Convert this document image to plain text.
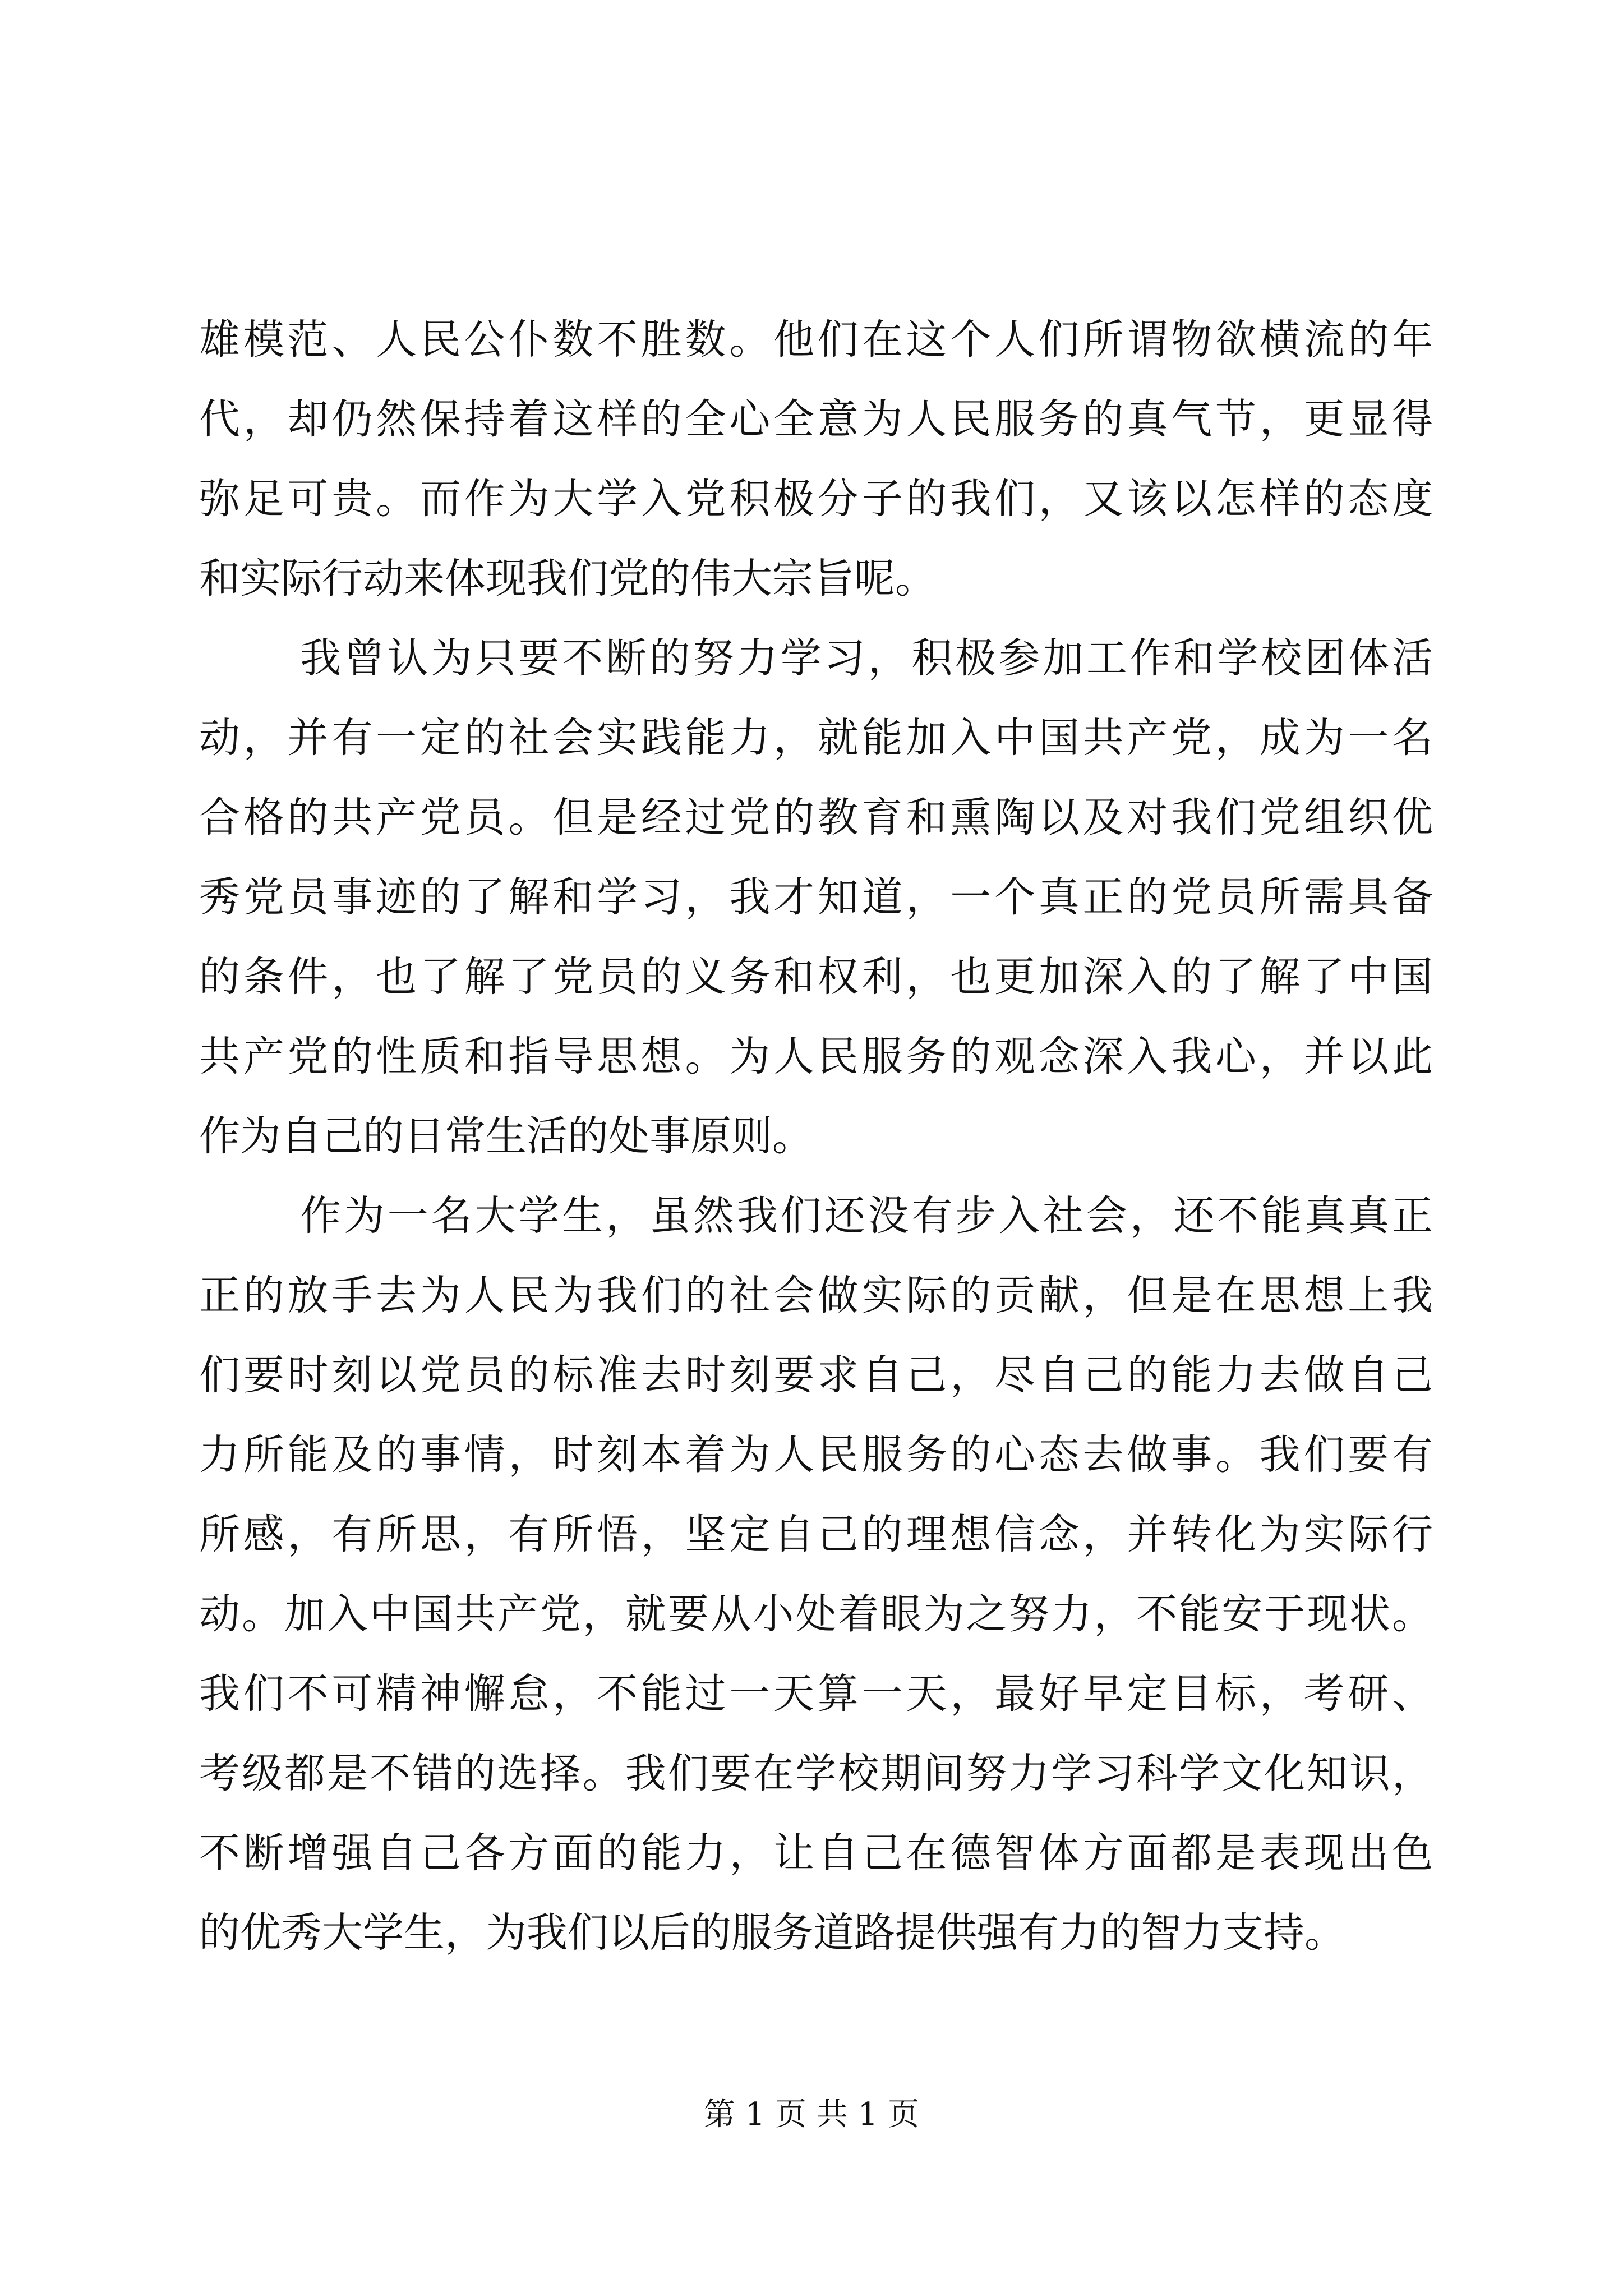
雄模范、人民公仆数不胜数。他们在这个人们所谓物欲横流的年
代，却仍然保持着这样的全心全意为人民服务的真气节，更显得
弥足可贵。而作为大学入党积极分子的我们，又该以怎样的态度
和实际行动来体现我们党的伟大宗旨呢。
我曾认为只要不断的努力学习，积极参加工作和学校团体活
动，并有一定的社会实践能力，就能加入中国共产党，成为一名
合格的共产党员。但是经过党的教育和熏陶以及对我们党组织优
秀党员事迹的了解和学习，我才知道，一个真正的党员所需具备
的条件，也了解了党员的义务和权利，也更加深入的了解了中国
共产党的性质和指导思想。为人民服务的观念深入我心，并以此
作为自己的日常生活的处事原则。
作为一名大学生，虽然我们还没有步入社会，还不能真真正
正的放手去为人民为我们的社会做实际的贡献，但是在思想上我
们要时刻以党员的标准去时刻要求自己，尽自己的能力去做自己
力所能及的事情，时刻本着为人民服务的心态去做事。我们要有
所感，有所思，有所悟，坚定自己的理想信念，并转化为实际行
动。加入中国共产党，就要从小处着眼为之努力，不能安于现状。
我们不可精神懈怠，不能过一天算一天，最好早定目标，考研、
考级都是不错的选择。我们要在学校期间努力学习科学文化知识，
不断增强自己各方面的能力，让自己在德智体方面都是表现出色
的优秀大学生，为我们以后的服务道路提供强有力的智力支持。
第 1 页 共 1 页
